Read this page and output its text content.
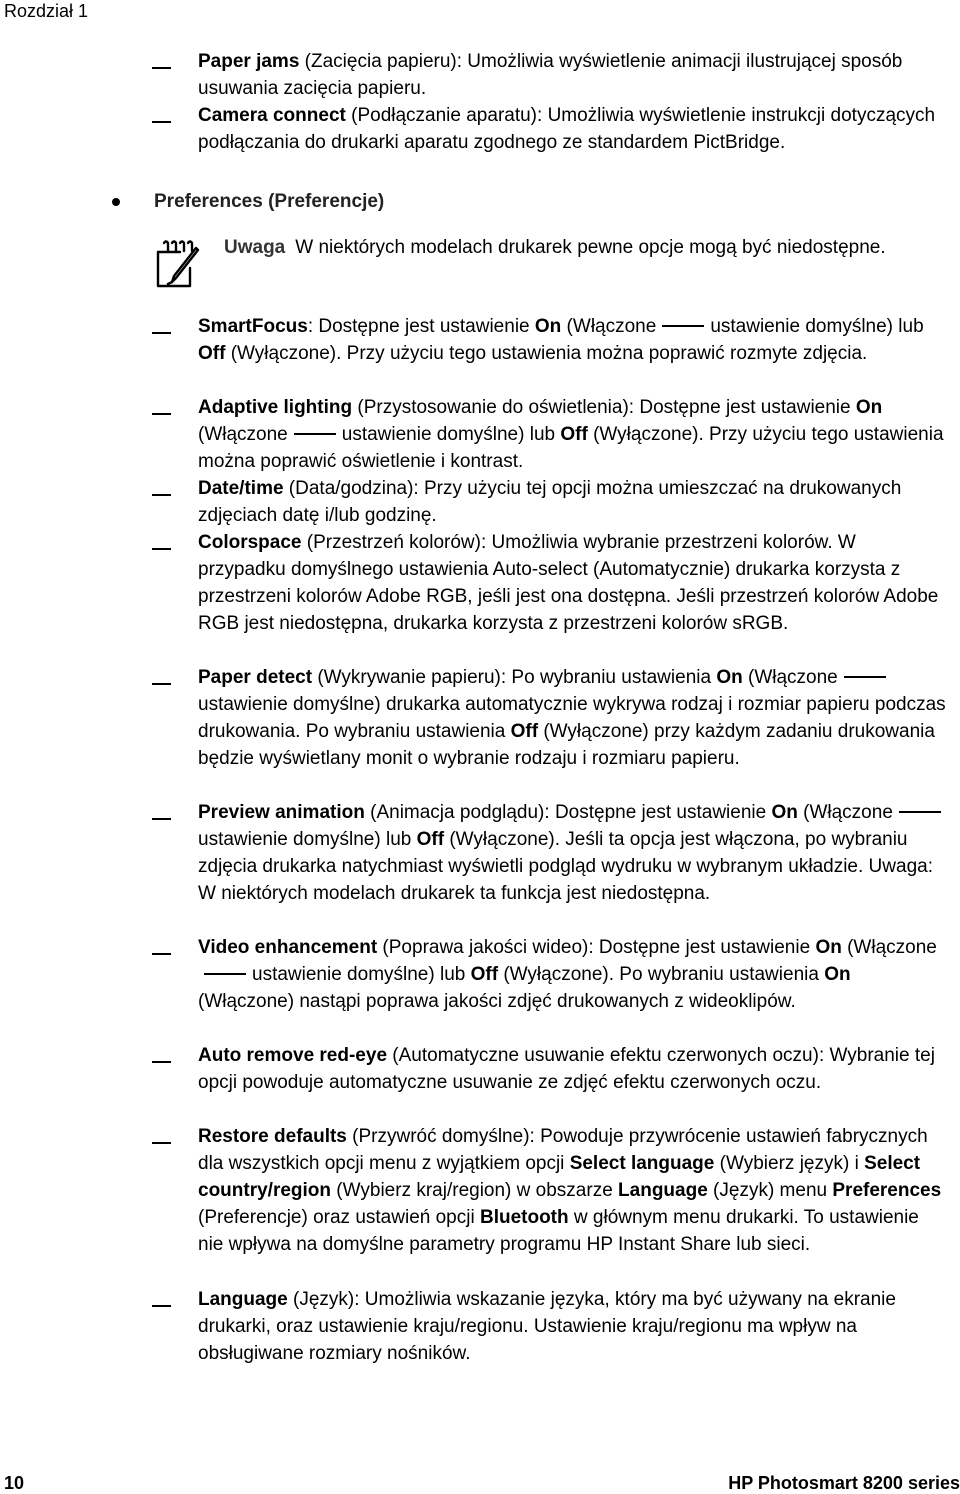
Rozdział 1
Paper jams (Zacięcia papieru): Umożliwia wyświetlenie animacji ilustrującej sposób usuwania zacięcia papieru.
Camera connect (Podłączanie aparatu): Umożliwia wyświetlenie instrukcji dotyczących podłączania do drukarki aparatu zgodnego ze standardem PictBridge.
Preferences (Preferencje)
Uwaga W niektórych modelach drukarek pewne opcje mogą być niedostępne.
SmartFocus: Dostępne jest ustawienie On (Włączone	ustawienie domyślne) lub Off (Wyłączone). Przy użyciu tego ustawienia można poprawić rozmyte zdjęcia.
Adaptive lighting (Przystosowanie do oświetlenia): Dostępne jest ustawienie On (Włączone	ustawienie domyślne) lub Off (Wyłączone). Przy użyciu tego ustawienia można poprawić oświetlenie i kontrast.
Date/time (Data/godzina): Przy użyciu tej opcji można umieszczać na drukowanych zdjęciach datę i/lub godzinę.
Colorspace (Przestrzeń kolorów): Umożliwia wybranie przestrzeni kolorów. W przypadku domyślnego ustawienia Auto-select (Automatycznie) drukarka korzysta z przestrzeni kolorów Adobe RGB, jeśli jest ona dostępna. Jeśli przestrzeń kolorów Adobe RGB jest niedostępna, drukarka korzysta z przestrzeni kolorów sRGB.
Paper detect (Wykrywanie papieru): Po wybraniu ustawienia On (Włączoneustawienie domyślne) drukarka automatycznie wykrywa rodzaj i rozmiar papieru podczas drukowania. Po wybraniu ustawienia Off (Wyłączone) przy każdym zadaniu drukowania będzie wyświetlany monit o wybranie rodzaju i rozmiaru papieru.
Preview animation (Animacja podglądu): Dostępne jest ustawienie On (Włączoneustawienie domyślne) lub Off (Wyłączone). Jeśli ta opcja jest włączona, po wybraniu zdjęcia drukarka natychmiast wyświetli podgląd wydruku w wybranym układzie. Uwaga: W niektórych modelach drukarek ta funkcja jest niedostępna.
Video enhancement (Poprawa jakości wideo): Dostępne jest ustawienie On (Włączoneustawienie domyślne) lub Off (Wyłączone). Po wybraniu ustawienia On (Włączone) nastąpi poprawa jakości zdjęć drukowanych z wideoklipów.
Auto remove red-eye (Automatyczne usuwanie efektu czerwonych oczu): Wybranie tej opcji powoduje automatyczne usuwanie ze zdjęć efektu czerwonych oczu.
Restore defaults (Przywróć domyślne): Powoduje przywrócenie ustawień fabrycznych dla wszystkich opcji menu z wyjątkiem opcji Select language (Wybierz język) i Select country/region (Wybierz kraj/region) w obszarze Language (Język) menu Preferences (Preferencje) oraz ustawień opcji Bluetooth w głównym menu drukarki. To ustawienie nie wpływa na domyślne parametry programu HP Instant Share lub sieci.
Language (Język): Umożliwia wskazanie języka, który ma być używany na ekranie drukarki, oraz ustawienie kraju/regionu. Ustawienie kraju/regionu ma wpływ na obsługiwane rozmiary nośników.
10	HP Photosmart 8200 series
